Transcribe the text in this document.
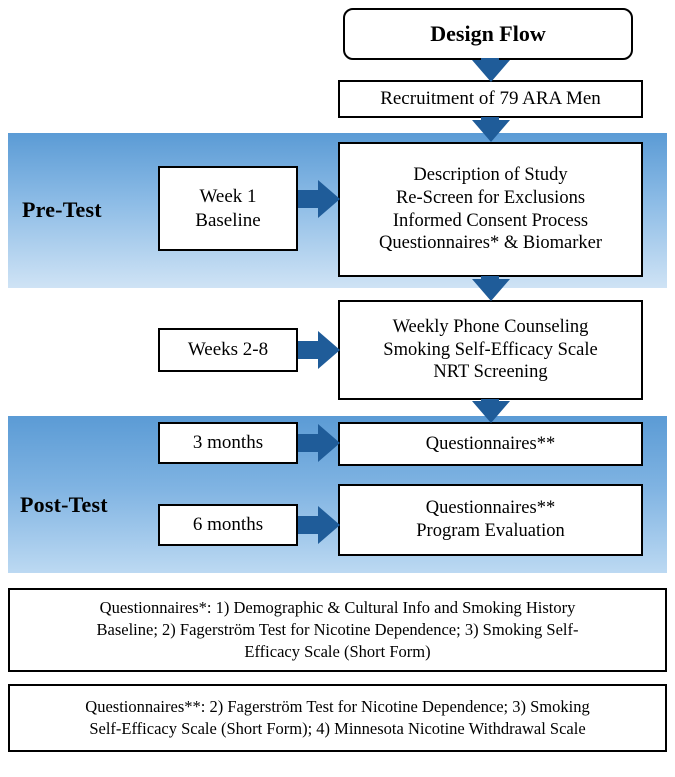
Pre-Test
Post-Test
Design Flow
Recruitment of 79 ARA Men
Description of Study
Re-Screen for Exclusions
Informed Consent Process
Questionnaires* & Biomarker
Weekly Phone Counseling
Smoking Self-Efficacy Scale
NRT Screening
Questionnaires**
Questionnaires**
Program Evaluation
Week 1
Baseline
Weeks 2-8
3 months
6 months
Questionnaires*: 1) Demographic & Cultural Info and Smoking History
Baseline; 2) Fagerström Test for Nicotine Dependence; 3) Smoking Self-
Efficacy Scale (Short Form)
Questionnaires**: 2) Fagerström Test for Nicotine Dependence; 3) Smoking
Self-Efficacy Scale (Short Form); 4) Minnesota Nicotine Withdrawal Scale
